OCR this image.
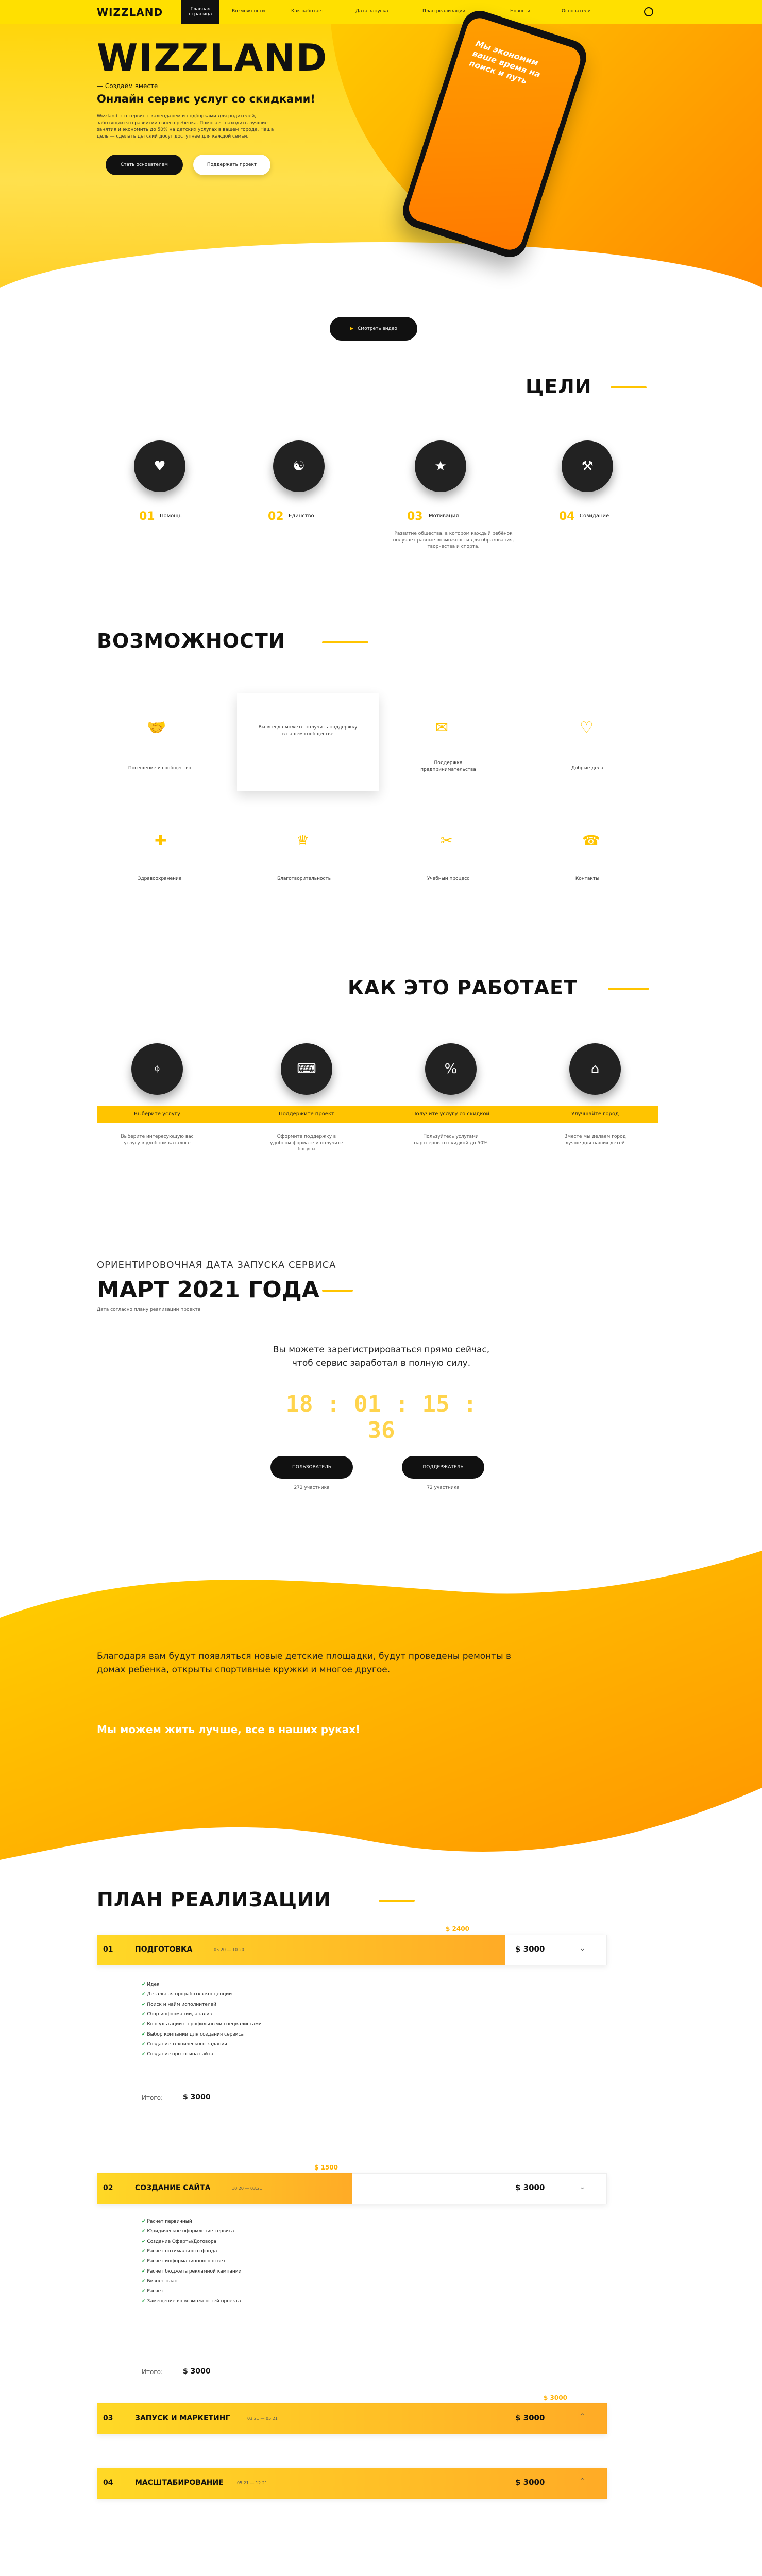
WIZZLAND	Главная страница
Возможности	Как работает	Дата запуска	План реализации	Новости	Основатели
WIZZLAND
— Создаём вместе
Онлайн сервис услуг со скидками!
Wizzland это сервис с календарем и подборками для родителей, заботящихся о развитии своего ребенка. Помогает находить лучшие занятия и экономить до 50% на детских услугах в вашем городе. Наша цель — сделать детский досуг доступнее для каждой семьи.
Стать основателем	Поддержать проект
Мы экономим ваше время на поиск и путь
▶ Смотреть видео
ЦЕЛИ
♥
01 Помощь
☯
02 Единство
★
03 Мотивация
⚒
04 Созидание
Развитие общества, в котором каждый ребёнок получает равные возможности для образования, творчества и спорта.
ВОЗМОЖНОСТИ
Вы всегда можете получить поддержку в нашем сообществе
🤝
Посещение и сообщество
✉
Поддержка предпринимательства
♡
Добрые дела
✚
Здравоохранение
♛
Благотворительность
✂
Учебный процесс
☎
Контакты
КАК ЭТО РАБОТАЕТ
⌖
Выберите услугу
Выберите интересующую вас услугу в удобном каталоге
⌨
Поддержите проект
Оформите поддержку в удобном формате и получите бонусы
%
Получите услугу со скидкой
Пользуйтесь услугами партнёров со скидкой до 50%
⌂
Улучшайте город
Вместе мы делаем город лучше для наших детей
ОРИЕНТИРОВОЧНАЯ ДАТА ЗАПУСКА СЕРВИСА
МАРТ 2021 ГОДА
Дата согласно плану реализации проекта
Вы можете зарегистрироваться прямо сейчас,
чтоб сервис заработал в полную силу.
18 : 01 : 15 : 36
ПОЛЬЗОВАТЕЛЬ
272 участника
ПОДДЕРЖАТЕЛЬ
72 участника
Благодаря вам будут появляться новые детские площадки, будут проведены ремонты в домах ребенка, открыты спортивные кружки и многое другое.
Мы можем жить лучше, все в наших руках!
ПЛАН РЕАЛИЗАЦИИ
$ 2400
01	ПОДГОТОВКА	05.20 — 10.20	$ 3000	⌄
✔ Идея
✔ Детальная проработка концепции
✔ Поиск и найм исполнителей
✔ Сбор информации, анализ
✔ Консультации с профильными специалистами
✔ Выбор компании для создания сервиса
✔ Создание технического задания
✔ Создание прототипа сайта
Итого:	$ 3000
$ 1500
02	СОЗДАНИЕ САЙТА	10.20 — 03.21	$ 3000	⌄
✔ Расчет первичный
✔ Юридическое оформление сервиса
✔ Создание Оферты/Договора
✔ Расчет оптимального фонда
✔ Расчет информационного ответ
✔ Расчет бюджета рекламной кампании
✔ Бизнес план
✔ Расчет
✔ Замещение во возможностей проекта
Итого:	$ 3000
$ 3000
03	ЗАПУСК И МАРКЕТИНГ	03.21 — 05.21	$ 3000	⌃
04	МАСШТАБИРОВАНИЕ	05.21 — 12.21	$ 3000	⌃
